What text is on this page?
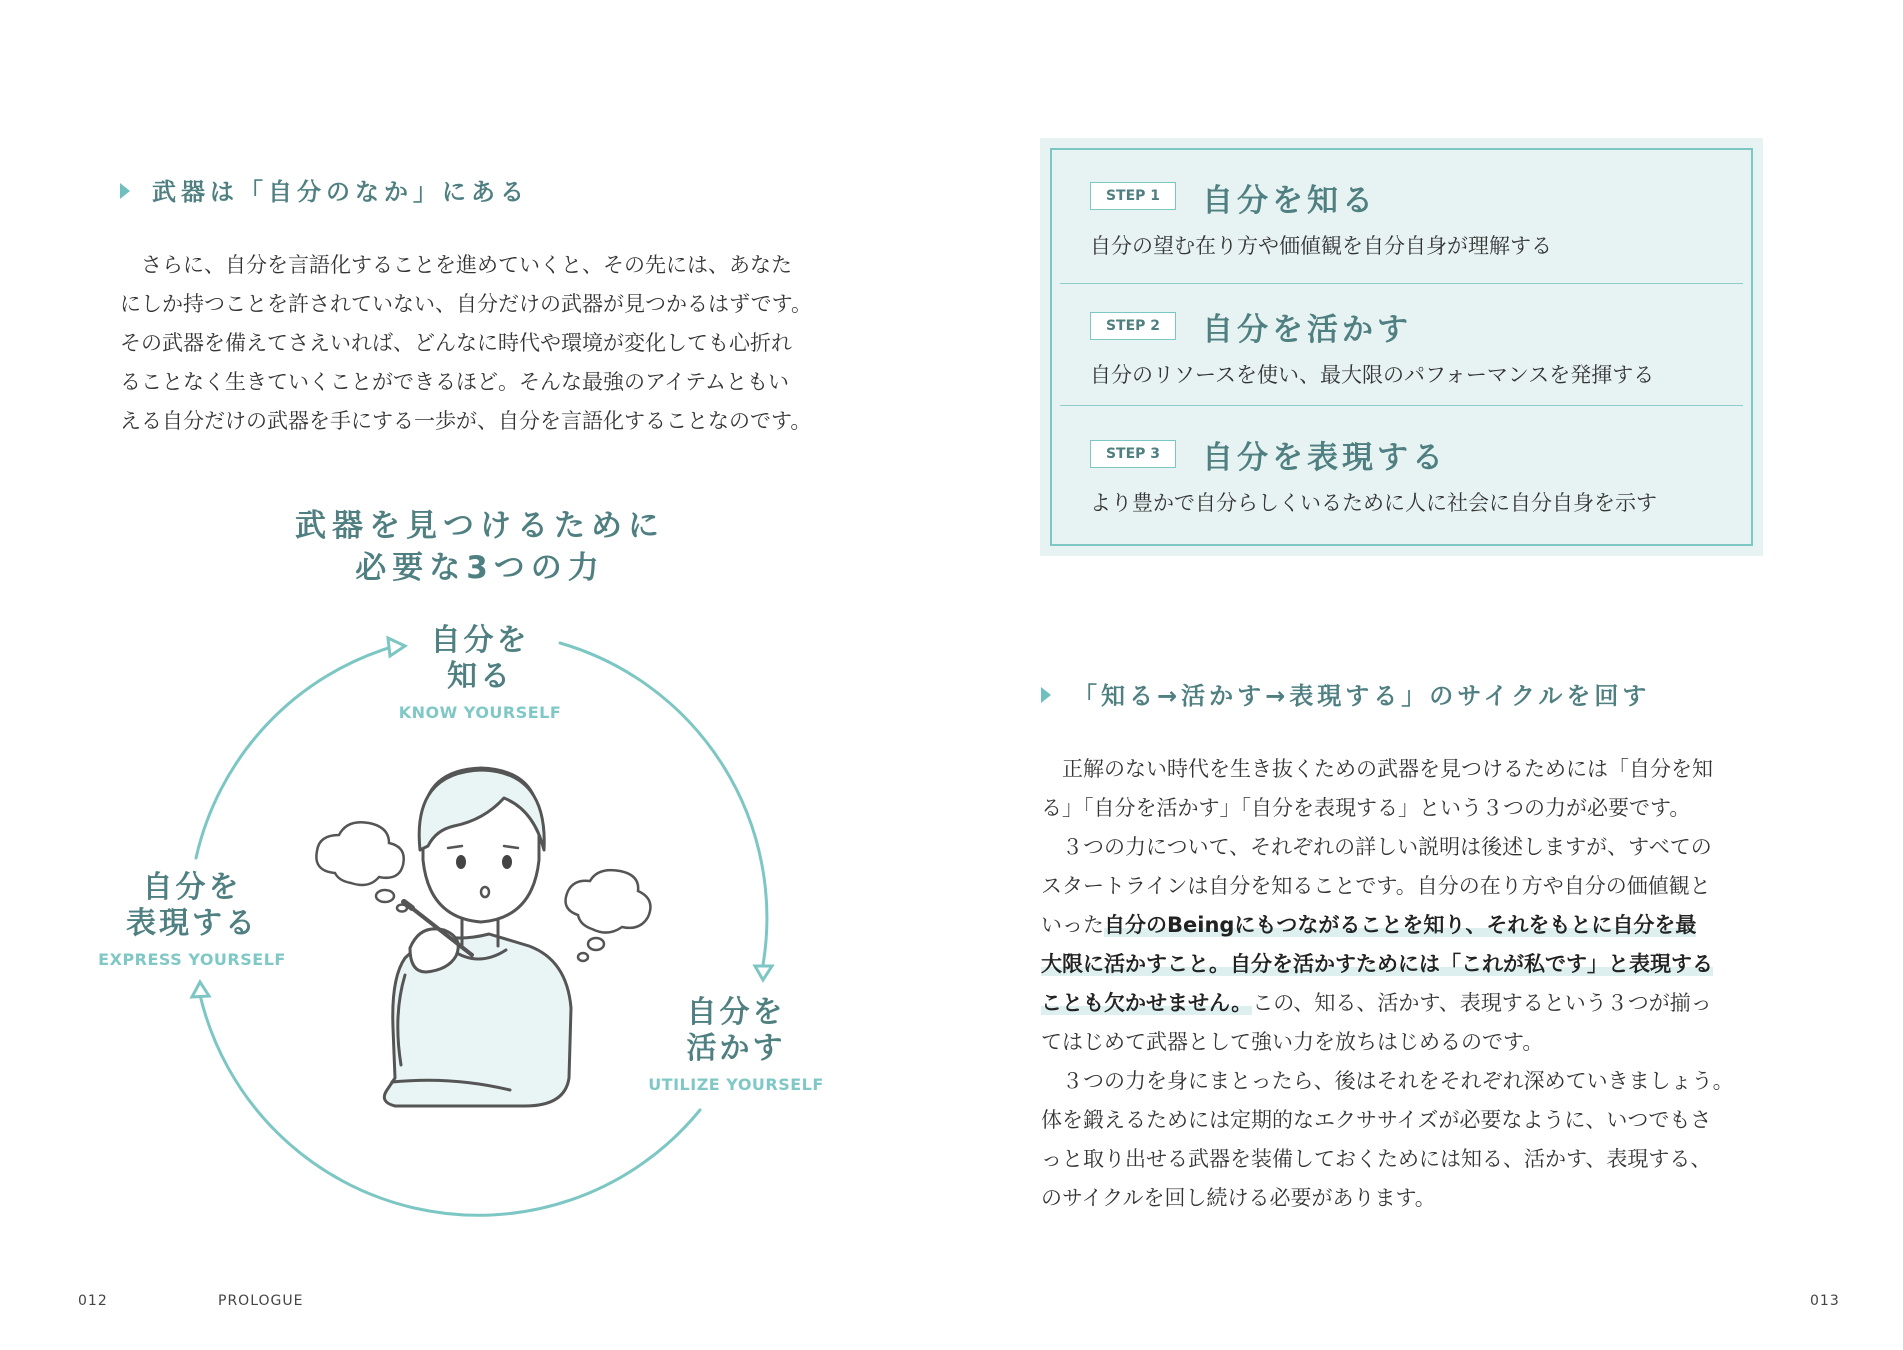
武器は「自分のなか」にある
　さらに、自分を言語化することを進めていくと、その先には、あなた
にしか持つことを許されていない、自分だけの武器が見つかるはずです。
その武器を備えてさえいれば、どんなに時代や環境が変化しても心折れ
ることなく生きていくことができるほど。そんな最強のアイテムともい
える自分だけの武器を手にする一歩が、自分を言語化することなのです。
武器を見つけるために
必要な3つの力
自分を
知る
KNOW YOURSELF
自分を
活かす
UTILIZE YOURSELF
自分を
表現する
EXPRESS YOURSELF
012	PROLOGUE
STEP 1	自分を知る
自分の望む在り方や価値観を自分自身が理解する
STEP 2	自分を活かす
自分のリソースを使い、最大限のパフォーマンスを発揮する
STEP 3	自分を表現する
より豊かで自分らしくいるために人に社会に自分自身を示す
「知る→活かす→表現する」のサイクルを回す
　正解のない時代を生き抜くための武器を見つけるためには「自分を知
る」「自分を活かす」「自分を表現する」という３つの力が必要です。
　３つの力について、それぞれの詳しい説明は後述しますが、すべての
スタートラインは自分を知ることです。自分の在り方や自分の価値観と
いった自分のBeingにもつながることを知り、それをもとに自分を最
大限に活かすこと。自分を活かすためには「これが私です」と表現する
ことも欠かせません。この、知る、活かす、表現するという３つが揃っ
てはじめて武器として強い力を放ちはじめるのです。
　３つの力を身にまとったら、後はそれをそれぞれ深めていきましょう。
体を鍛えるためには定期的なエクササイズが必要なように、いつでもさ
っと取り出せる武器を装備しておくためには知る、活かす、表現する、
のサイクルを回し続ける必要があります。
013
